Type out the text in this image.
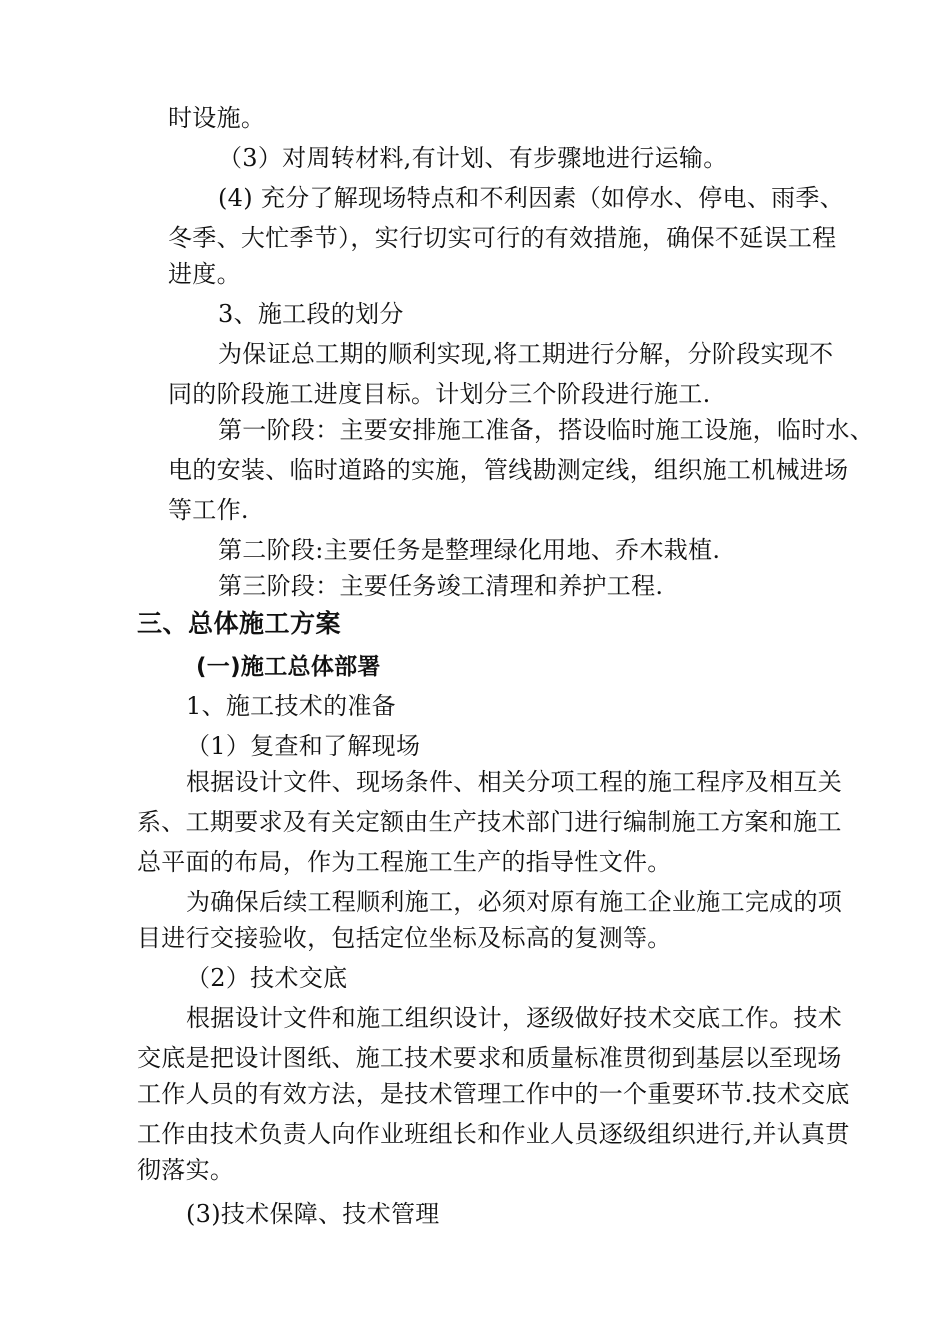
时设施。
（3）对周转材料,有计划、有步骤地进行运输。
(4) 充分了解现场特点和不利因素（如停水、停电、雨季、
冬季、大忙季节），实行切实可行的有效措施，确保不延误工程
进度。
3、施工段的划分
为保证总工期的顺利实现,将工期进行分解，分阶段实现不
同的阶段施工进度目标。计划分三个阶段进行施工.
第一阶段：主要安排施工准备，搭设临时施工设施，临时水、
电的安装、临时道路的实施，管线勘测定线，组织施工机械进场
等工作.
第二阶段:主要任务是整理绿化用地、乔木栽植.
第三阶段：主要任务竣工清理和养护工程.
三、总体施工方案
(一)施工总体部署
1、施工技术的准备
（1）复查和了解现场
根据设计文件、现场条件、相关分项工程的施工程序及相互关
系、工期要求及有关定额由生产技术部门进行编制施工方案和施工
总平面的布局，作为工程施工生产的指导性文件。
为确保后续工程顺利施工，必须对原有施工企业施工完成的项
目进行交接验收，包括定位坐标及标高的复测等。
（2）技术交底
根据设计文件和施工组织设计，逐级做好技术交底工作。技术
交底是把设计图纸、施工技术要求和质量标准贯彻到基层以至现场
工作人员的有效方法，是技术管理工作中的一个重要环节.技术交底
工作由技术负责人向作业班组长和作业人员逐级组织进行,并认真贯
彻落实。
(3)技术保障、技术管理
